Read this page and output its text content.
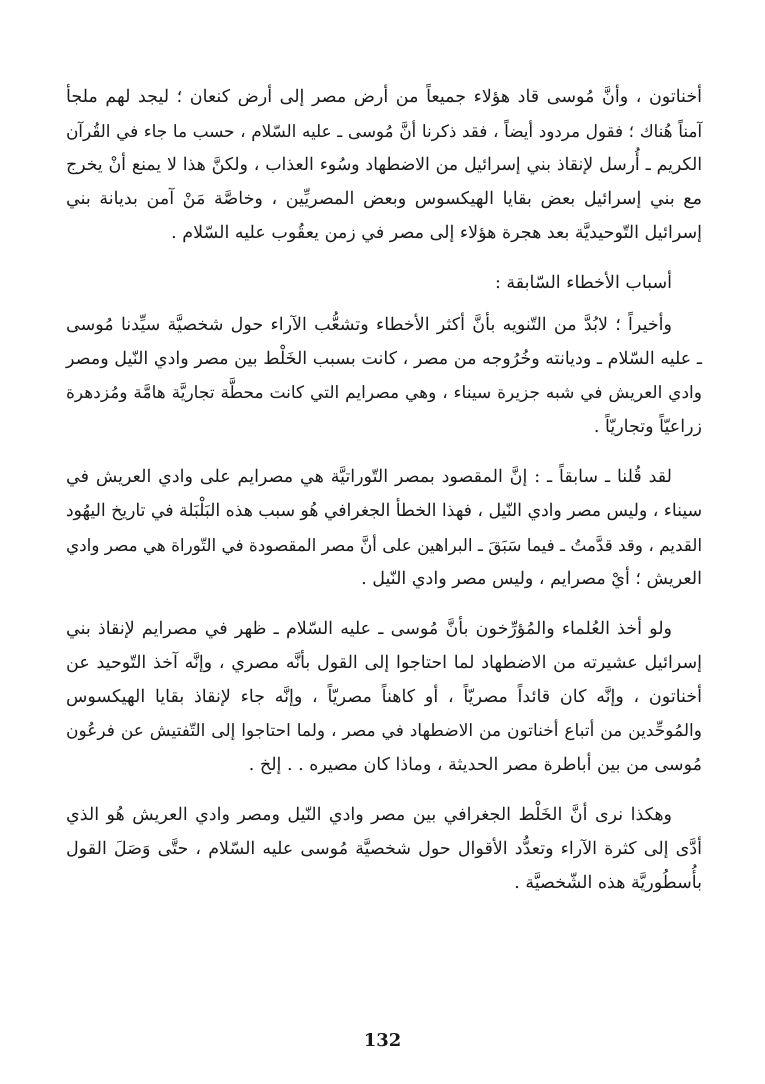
أخناتون ، وأنَّ مُوسى قاد هؤلاء جميعاً من أرض مصر إلى أرض كنعان ؛ ليجد لهم ملجأ
آمناً هُناك ؛ فقول مردود أيضاً ، فقد ذكرنا أنَّ مُوسى ـ عليه السّلام ، حسب ما جاء في القُرآن
الكريم ـ أُرسل لإنقاذ بني إسرائيل من الاضطهاد وسُوء العذاب ، ولكنَّ هذا لا يمنع أنْ يخرج
مع بني إسرائيل بعض بقايا الهيكسوس وبعض المصريِّين ، وخاصَّة مَنْ آمن بديانة بني
إسرائيل التّوحيديَّة بعد هجرة هؤلاء إلى مصر في زمن يعقُوب عليه السّلام .
أسباب الأخطاء السّابقة :
وأخيراً ؛ لابُدَّ من التّنويه بأنَّ أكثر الأخطاء وتشعُّب الآراء حول شخصيَّة سيِّدنا مُوسى
ـ عليه السّلام ـ وديانته وخُرُوجه من مصر ، كانت بسبب الخَلْط بين مصر وادي النّيل ومصر
وادي العريش في شبه جزيرة سيناء ، وهي مصرايم التي كانت محطَّة تجاريَّة هامَّة ومُزدهرة
زراعيّاً وتجاريّاً .
لقد قُلنا ـ سابقاً ـ : إنَّ المقصود بمصر التّوراتيَّة هي مصرايم على وادي العريش في
سيناء ، وليس مصر وادي النّيل ، فهذا الخطأ الجغرافي هُو سبب هذه البَلْبَلة في تاريخ اليهُود
القديم ، وقد قدَّمتُ ـ فيما سَبَقَ ـ البراهين على أنَّ مصر المقصودة في التّوراة هي مصر وادي
العريش ؛ أيْ مصرايم ، وليس مصر وادي النّيل .
ولو أخذ العُلماء والمُؤرِّخون بأنَّ مُوسى ـ عليه السّلام ـ ظهر في مصرايم لإنقاذ بني
إسرائيل عشيرته من الاضطهاد لما احتاجوا إلى القول بأنَّه مصري ، وإنَّه آخذ التّوحيد عن
أخناتون ، وإنَّه كان قائداً مصريّاً ، أو كاهناً مصريّاً ، وإنَّه جاء لإنقاذ بقايا الهيكسوس
والمُوحِّدين من أتباع أخناتون من الاضطهاد في مصر ، ولما احتاجوا إلى التّفتيش عن فرعُون
مُوسى من بين أباطرة مصر الحديثة ، وماذا كان مصيره . . إلخ .
وهكذا نرى أنَّ الخَلْط الجغرافي بين مصر وادي النّيل ومصر وادي العريش هُو الذي
أدَّى إلى كثرة الآراء وتعدُّد الأقوال حول شخصيَّة مُوسى عليه السّلام ، حتَّى وَصَلَ القول
بأُسطُوريَّة هذه الشّخصيَّة .
132
